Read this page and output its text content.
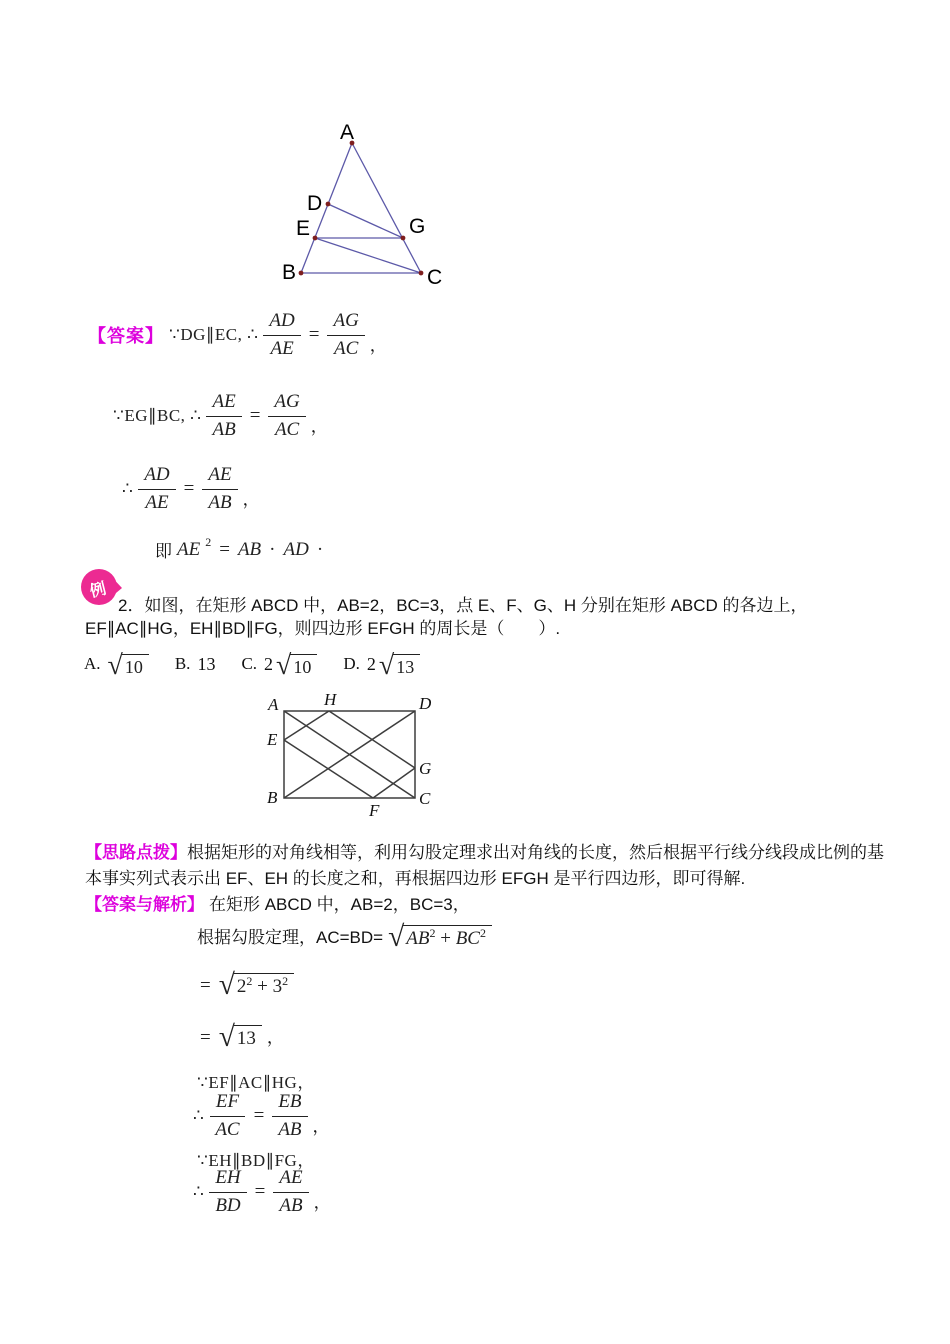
A
D
E	G
B	C
【答案】 ∵DG∥EC, ∴ $\frac{AD}{AE} = \frac{AG}{AC}$ ，
∵EG∥BC, ∴ $\frac{AE}{AB} = \frac{AG}{AC}$ ，
∴ $\frac{AD}{AE} = \frac{AE}{AB}$ ，
即 AE 2 = AB · AD ·
例
2．如图，在矩形 ABCD 中，AB=2，BC=3，点 E、F、G、H 分别在矩形 ABCD 的各边上，EF∥AC∥HG，EH∥BD∥FG，则四边形 EFGH 的周长是（　　）.
A. √ 10	B. 13 C. 2 √ 10	D. 2 √ 13
A	H	D
E
G
B
F
C
【思路点拨】根据矩形的对角线相等，利用勾股定理求出对角线的长度，然后根据平行线分线段成比例的基本事实列式表示出 EF、EH 的长度之和，再根据四边形 EFGH 是平行四边形，即可得解.
【答案与解析】 在矩形 ABCD 中，AB=2，BC=3，
根据勾股定理，AC=BD= √ $AB^2 + BC^2$
= √ $2^2 + 3^2$
= √ 13 ，
∵EF∥AC∥HG，
∴ $\frac{EF}{AC} = \frac{EB}{AB}$ ，
∵EH∥BD∥FG，
∴ $\frac{EH}{BD} = \frac{AE}{AB}$ ，
